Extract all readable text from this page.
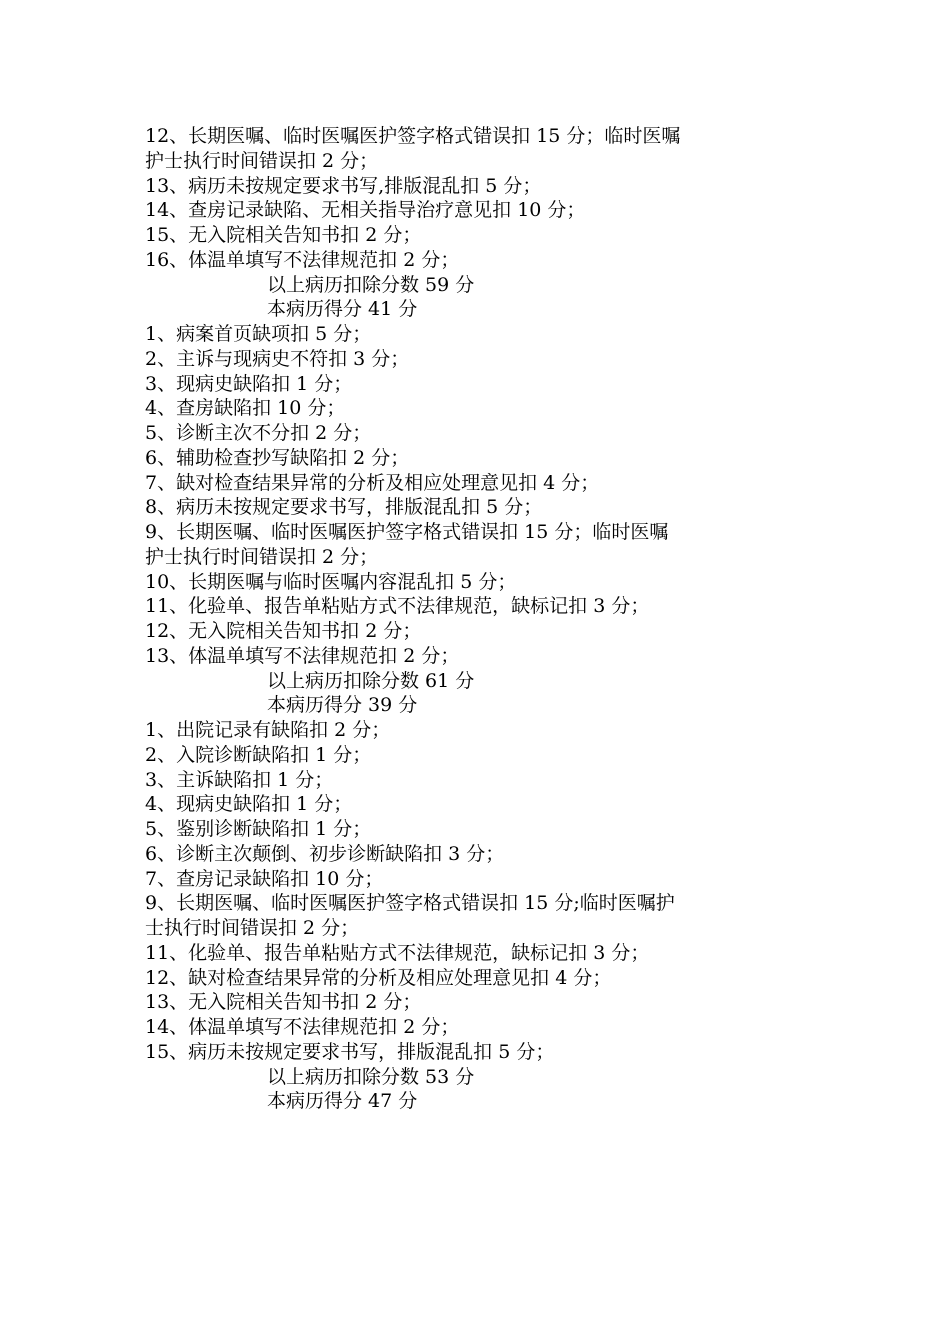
12、长期医嘱、临时医嘱医护签字格式错误扣 15 分；临时医嘱
护士执行时间错误扣 2 分；
13、病历未按规定要求书写,排版混乱扣 5 分；
14、查房记录缺陷、无相关指导治疗意见扣 10 分；
15、无入院相关告知书扣 2 分；
16、体温单填写不法律规范扣 2 分；
以上病历扣除分数 59 分
本病历得分 41 分
1、病案首页缺项扣 5 分；
2、主诉与现病史不符扣 3 分；
3、现病史缺陷扣 1 分；
4、查房缺陷扣 10 分；
5、诊断主次不分扣 2 分；
6、辅助检查抄写缺陷扣 2 分；
7、缺对检查结果异常的分析及相应处理意见扣 4 分；
8、病历未按规定要求书写，排版混乱扣 5 分；
9、长期医嘱、临时医嘱医护签字格式错误扣 15 分；临时医嘱
护士执行时间错误扣 2 分；
10、长期医嘱与临时医嘱内容混乱扣 5 分；
11、化验单、报告单粘贴方式不法律规范，缺标记扣 3 分；
12、无入院相关告知书扣 2 分；
13、体温单填写不法律规范扣 2 分；
以上病历扣除分数 61 分
本病历得分 39 分
1、出院记录有缺陷扣 2 分；
2、入院诊断缺陷扣 1 分；
3、主诉缺陷扣 1 分；
4、现病史缺陷扣 1 分；
5、鉴别诊断缺陷扣 1 分；
6、诊断主次颠倒、初步诊断缺陷扣 3 分；
7、查房记录缺陷扣 10 分；
9、长期医嘱、临时医嘱医护签字格式错误扣 15 分;临时医嘱护
士执行时间错误扣 2 分；
11、化验单、报告单粘贴方式不法律规范，缺标记扣 3 分；
12、缺对检查结果异常的分析及相应处理意见扣 4 分；
13、无入院相关告知书扣 2 分；
14、体温单填写不法律规范扣 2 分；
15、病历未按规定要求书写，排版混乱扣 5 分；
以上病历扣除分数 53 分
本病历得分 47 分
